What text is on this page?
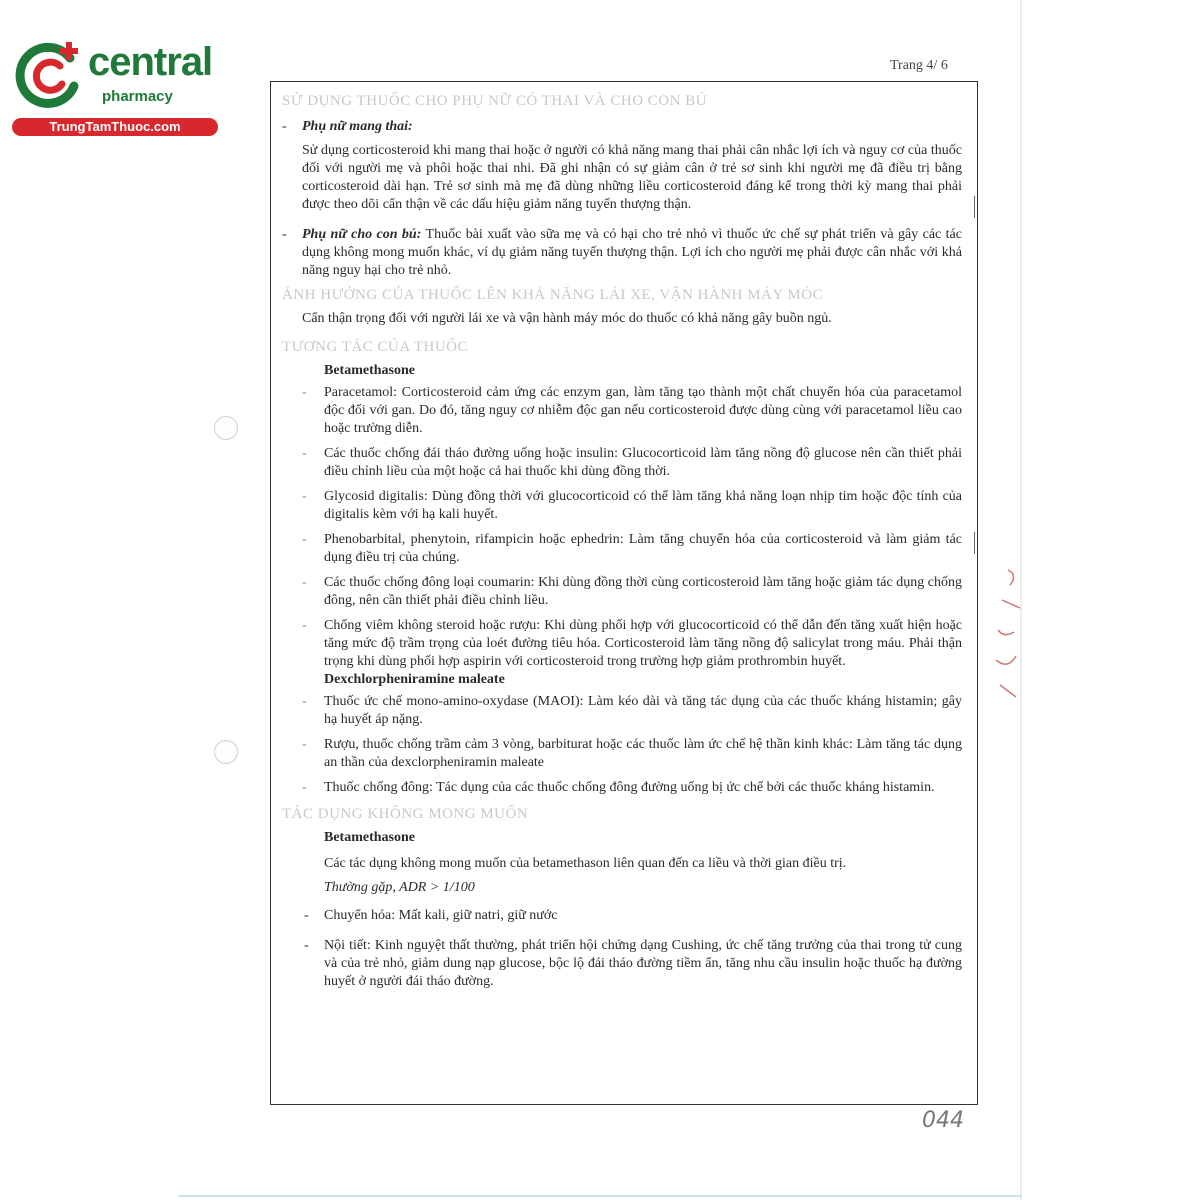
central
pharmacy
TrungTamThuoc.com
Trang 4/ 6
SỬ DỤNG THUỐC CHO PHỤ NỮ CÓ THAI VÀ CHO CON BÚ
- Phụ nữ mang thai:
Sử dụng corticosteroid khi mang thai hoặc ở người có khả năng mang thai phải cân nhắc lợi ích và nguy cơ của thuốc đối với người mẹ và phôi hoặc thai nhi. Đã ghi nhận có sự giảm cân ở trẻ sơ sinh khi người mẹ đã điều trị bằng corticosteroid dài hạn. Trẻ sơ sinh mà mẹ đã dùng những liều corticosteroid đáng kể trong thời kỳ mang thai phải được theo dõi cẩn thận về các dấu hiệu giảm năng tuyến thượng thận.
- Phụ nữ cho con bú: Thuốc bài xuất vào sữa mẹ và có hại cho trẻ nhỏ vì thuốc ức chế sự phát triển và gây các tác dụng không mong muốn khác, ví dụ giảm năng tuyến thượng thận. Lợi ích cho người mẹ phải được cân nhắc với khả năng nguy hại cho trẻ nhỏ.
ẢNH HƯỞNG CỦA THUỐC LÊN KHẢ NĂNG LÁI XE, VẬN HÀNH MÁY MÓC
Cẩn thận trọng đối với người lái xe và vận hành máy móc do thuốc có khả năng gây buồn ngủ.
TƯƠNG TÁC CỦA THUỐC
Betamethasone
- Paracetamol: Corticosteroid cảm ứng các enzym gan, làm tăng tạo thành một chất chuyển hóa của paracetamol độc đối với gan. Do đó, tăng nguy cơ nhiễm độc gan nếu corticosteroid được dùng cùng với paracetamol liều cao hoặc trường diễn.
- Các thuốc chống đái tháo đường uống hoặc insulin: Glucocorticoid làm tăng nồng độ glucose nên cần thiết phải điều chỉnh liều của một hoặc cả hai thuốc khi dùng đồng thời.
- Glycosid digitalis: Dùng đồng thời với glucocorticoid có thể làm tăng khả năng loạn nhịp tim hoặc độc tính của digitalis kèm với hạ kali huyết.
- Phenobarbital, phenytoin, rifampicin hoặc ephedrin: Làm tăng chuyển hóa của corticosteroid và làm giảm tác dụng điều trị của chúng.
- Các thuốc chống đông loại coumarin: Khi dùng đồng thời cùng corticosteroid làm tăng hoặc giảm tác dụng chống đông, nên cần thiết phải điều chỉnh liều.
- Chống viêm không steroid hoặc rượu: Khi dùng phối hợp với glucocorticoid có thể dẫn đến tăng xuất hiện hoặc tăng mức độ trầm trọng của loét đường tiêu hóa. Corticosteroid làm tăng nồng độ salicylat trong máu. Phải thận trọng khi dùng phối hợp aspirin với corticosteroid trong trường hợp giảm prothrombin huyết.
Dexchlorpheniramine maleate
- Thuốc ức chế mono-amino-oxydase (MAOI): Làm kéo dài và tăng tác dụng của các thuốc kháng histamin; gây hạ huyết áp nặng.
- Rượu, thuốc chống trầm cảm 3 vòng, barbiturat hoặc các thuốc làm ức chế hệ thần kinh khác: Làm tăng tác dụng an thần của dexclorpheniramin maleate
- Thuốc chống đông: Tác dụng của các thuốc chống đông đường uống bị ức chế bởi các thuốc kháng histamin.
TÁC DỤNG KHÔNG MONG MUỐN
Betamethasone
Các tác dụng không mong muốn của betamethason liên quan đến ca liều và thời gian điều trị.
Thường gặp, ADR > 1/100
- Chuyển hóa: Mất kali, giữ natri, giữ nước
- Nội tiết: Kinh nguyệt thất thường, phát triển hội chứng dạng Cushing, ức chế tăng trưởng của thai trong tử cung và của trẻ nhỏ, giảm dung nạp glucose, bộc lộ đái tháo đường tiềm ẩn, tăng nhu cầu insulin hoặc thuốc hạ đường huyết ở người đái tháo đường.
044
